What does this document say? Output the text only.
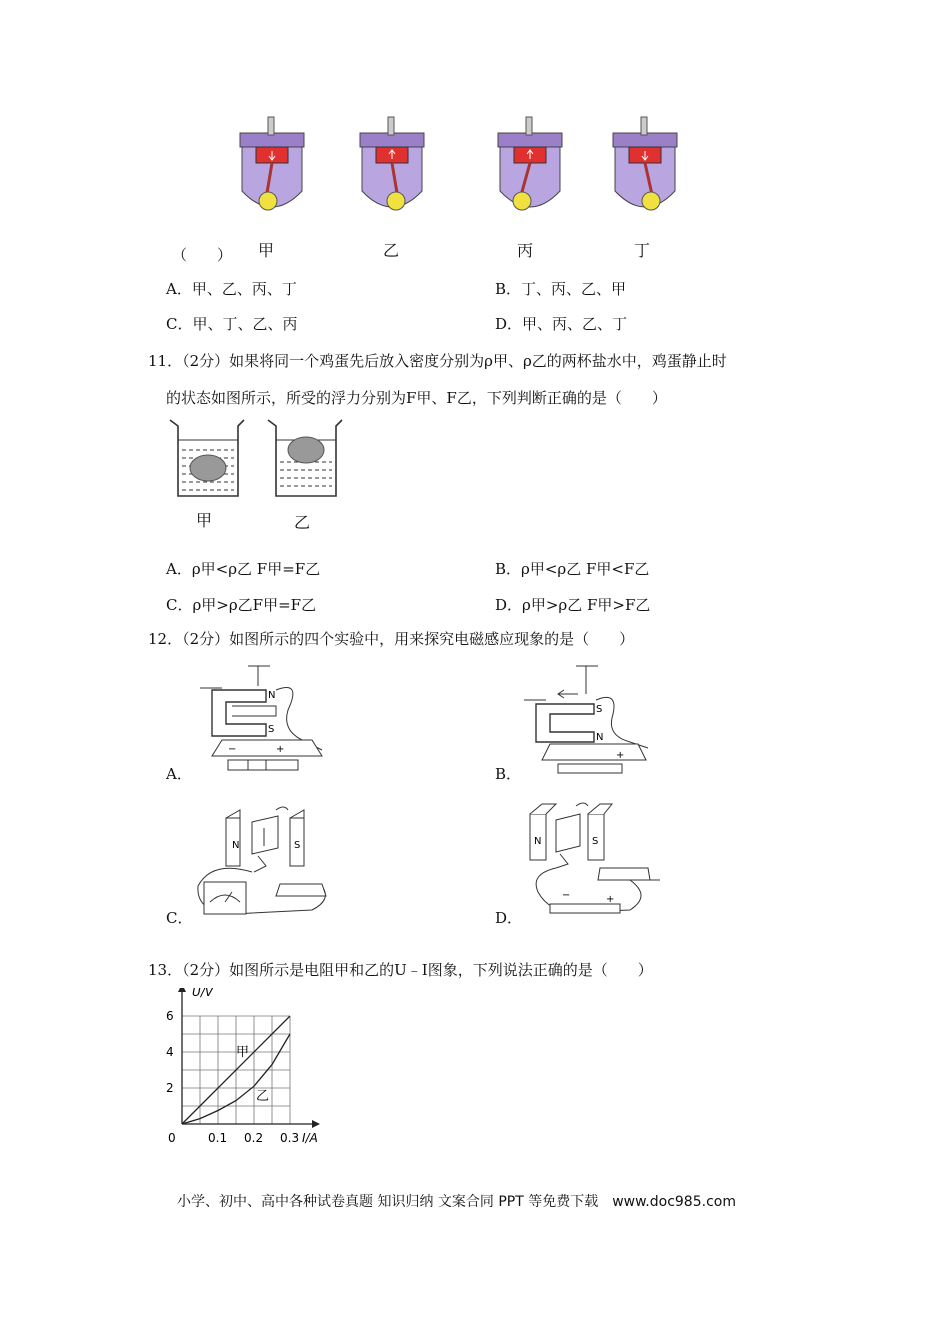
（　　） 甲	乙	丙	丁
A．甲、乙、丙、丁	B．丁、丙、乙、甲
C．甲、丁、乙、丙	D．甲、丙、乙、丁
11．（2分）如果将同一个鸡蛋先后放入密度分别为ρ甲、ρ乙的两杯盐水中，鸡蛋静止时
的状态如图所示，所受的浮力分别为F甲、F乙，下列判断正确的是（　　）
甲	乙
A．ρ甲<ρ乙 F甲=F乙	B．ρ甲<ρ乙 F甲<F乙
C．ρ甲>ρ乙F甲=F乙	D．ρ甲>ρ乙 F甲>F乙
12．（2分）如图所示的四个实验中，用来探究电磁感应现象的是（　　）
N
S
−	+
S
N
+
A．	B．
N	S	N	S
−	+
C．	D．
13．（2分）如图所示是电阻甲和乙的U﹣I图象，下列说法正确的是（　　）
0	0.1 0.2 0.3
2
4
6
U/V
I/A
甲
乙
小学、初中、高中各种试卷真题 知识归纳 文案合同 PPT 等免费下载　www.doc985.com
